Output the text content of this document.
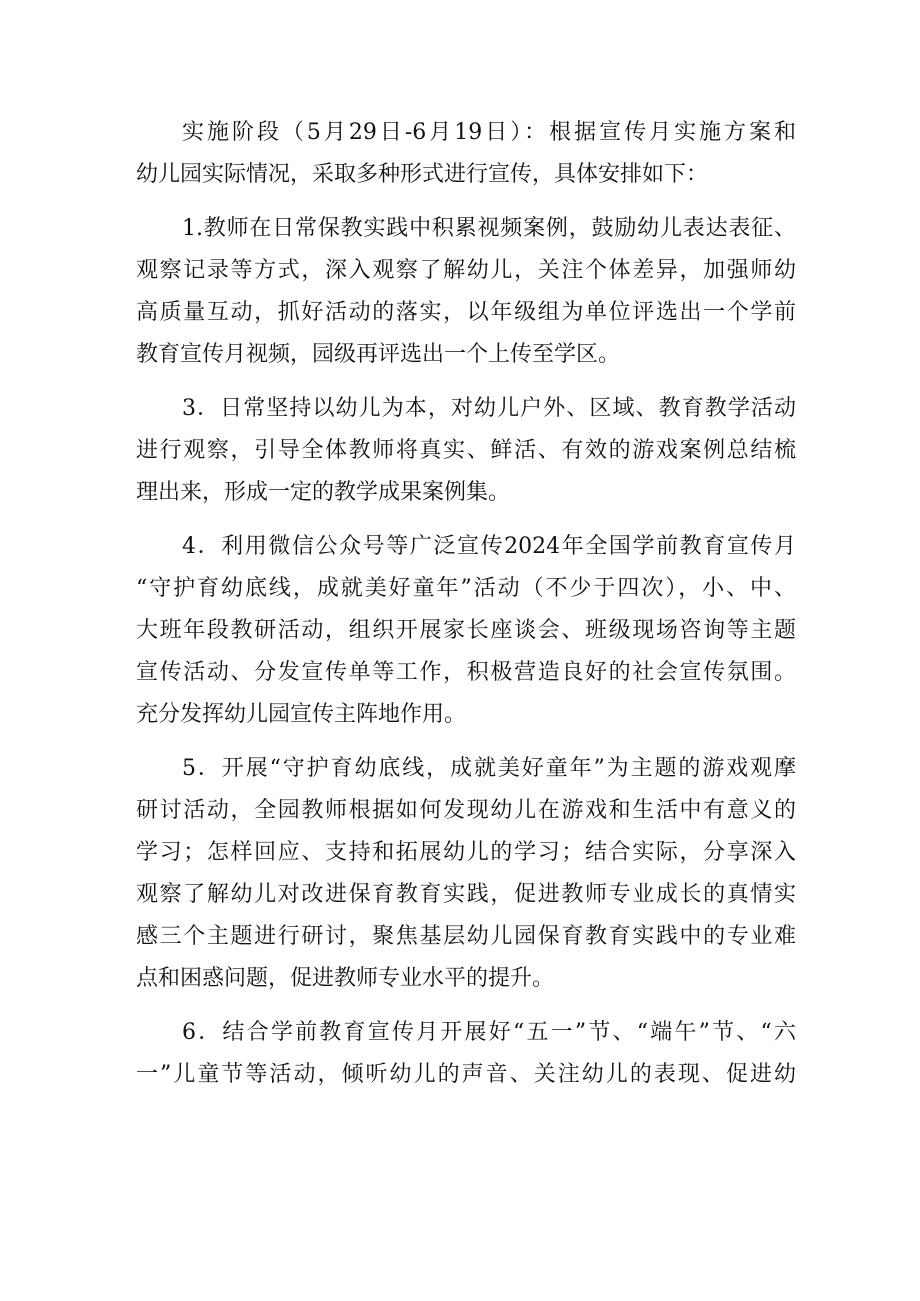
实施阶段（5月29日-6月19日）：根据宣传月实施方案和
幼儿园实际情况，采取多种形式进行宣传，具体安排如下：
1.教师在日常保教实践中积累视频案例，鼓励幼儿表达表征、
观察记录等方式，深入观察了解幼儿，关注个体差异，加强师幼
高质量互动，抓好活动的落实，以年级组为单位评选出一个学前
教育宣传月视频，园级再评选出一个上传至学区。
3．日常坚持以幼儿为本，对幼儿户外、区域、教育教学活动
进行观察，引导全体教师将真实、鲜活、有效的游戏案例总结梳
理出来，形成一定的教学成果案例集。
4．利用微信公众号等广泛宣传2024年全国学前教育宣传月
“守护育幼底线，成就美好童年”活动（不少于四次），小、中、
大班年段教研活动，组织开展家长座谈会、班级现场咨询等主题
宣传活动、分发宣传单等工作，积极营造良好的社会宣传氛围。
充分发挥幼儿园宣传主阵地作用。
5．开展“守护育幼底线，成就美好童年”为主题的游戏观摩
研讨活动，全园教师根据如何发现幼儿在游戏和生活中有意义的
学习；怎样回应、支持和拓展幼儿的学习；结合实际，分享深入
观察了解幼儿对改进保育教育实践，促进教师专业成长的真情实
感三个主题进行研讨，聚焦基层幼儿园保育教育实践中的专业难
点和困惑问题，促进教师专业水平的提升。
6．结合学前教育宣传月开展好“五一”节、“端午”节、“六
一”儿童节等活动，倾听幼儿的声音、关注幼儿的表现、促进幼
